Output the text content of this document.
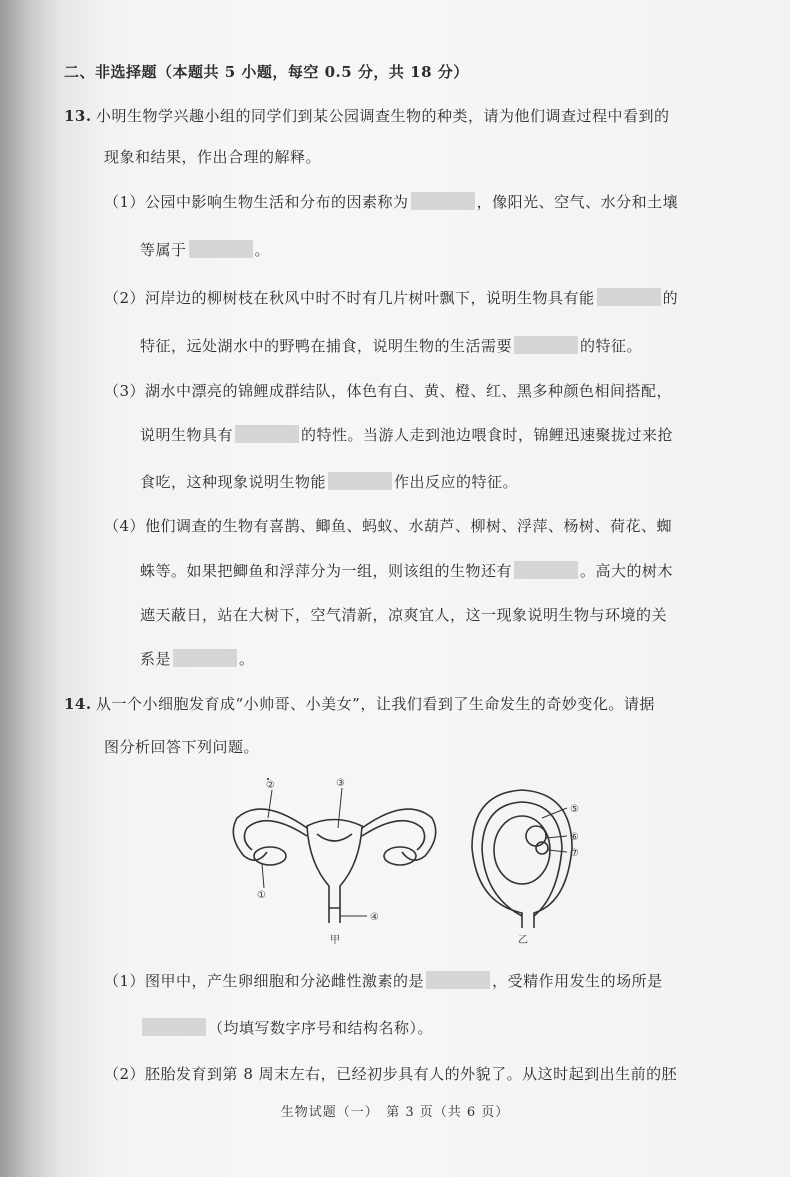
二、非选择题（本题共 5 小题，每空 0.5 分，共 18 分）
13. 小明生物学兴趣小组的同学们到某公园调查生物的种类，请为他们调查过程中看到的
现象和结果，作出合理的解释。
（1）公园中影响生物生活和分布的因素称为	，像阳光、空气、水分和土壤
等属于	。
（2）河岸边的柳树枝在秋风中时不时有几片树叶飘下，说明生物具有能	的
特征，远处湖水中的野鸭在捕食，说明生物的生活需要	的特征。
（3）湖水中漂亮的锦鲤成群结队，体色有白、黄、橙、红、黑多种颜色相间搭配，
说明生物具有	的特性。当游人走到池边喂食时，锦鲤迅速聚拢过来抢
食吃，这种现象说明生物能	作出反应的特征。
（4）他们调查的生物有喜鹊、鲫鱼、蚂蚁、水葫芦、柳树、浮萍、杨树、荷花、蜘
蛛等。如果把鲫鱼和浮萍分为一组，则该组的生物还有	。高大的树木
遮天蔽日，站在大树下，空气清新，凉爽宜人，这一现象说明生物与环境的关
系是	。
14. 从一个小细胞发育成“小帅哥、小美女”，让我们看到了生命发生的奇妙变化。请据
图分析回答下列问题。
②	③
①
④
⑤
⑥
⑦
甲	乙
（1）图甲中，产生卵细胞和分泌雌性激素的是	，受精作用发生的场所是
（均填写数字序号和结构名称）。
（2）胚胎发育到第 8 周末左右，已经初步具有人的外貌了。从这时起到出生前的胚
生物试题（一）　第 3 页（共 6 页）
